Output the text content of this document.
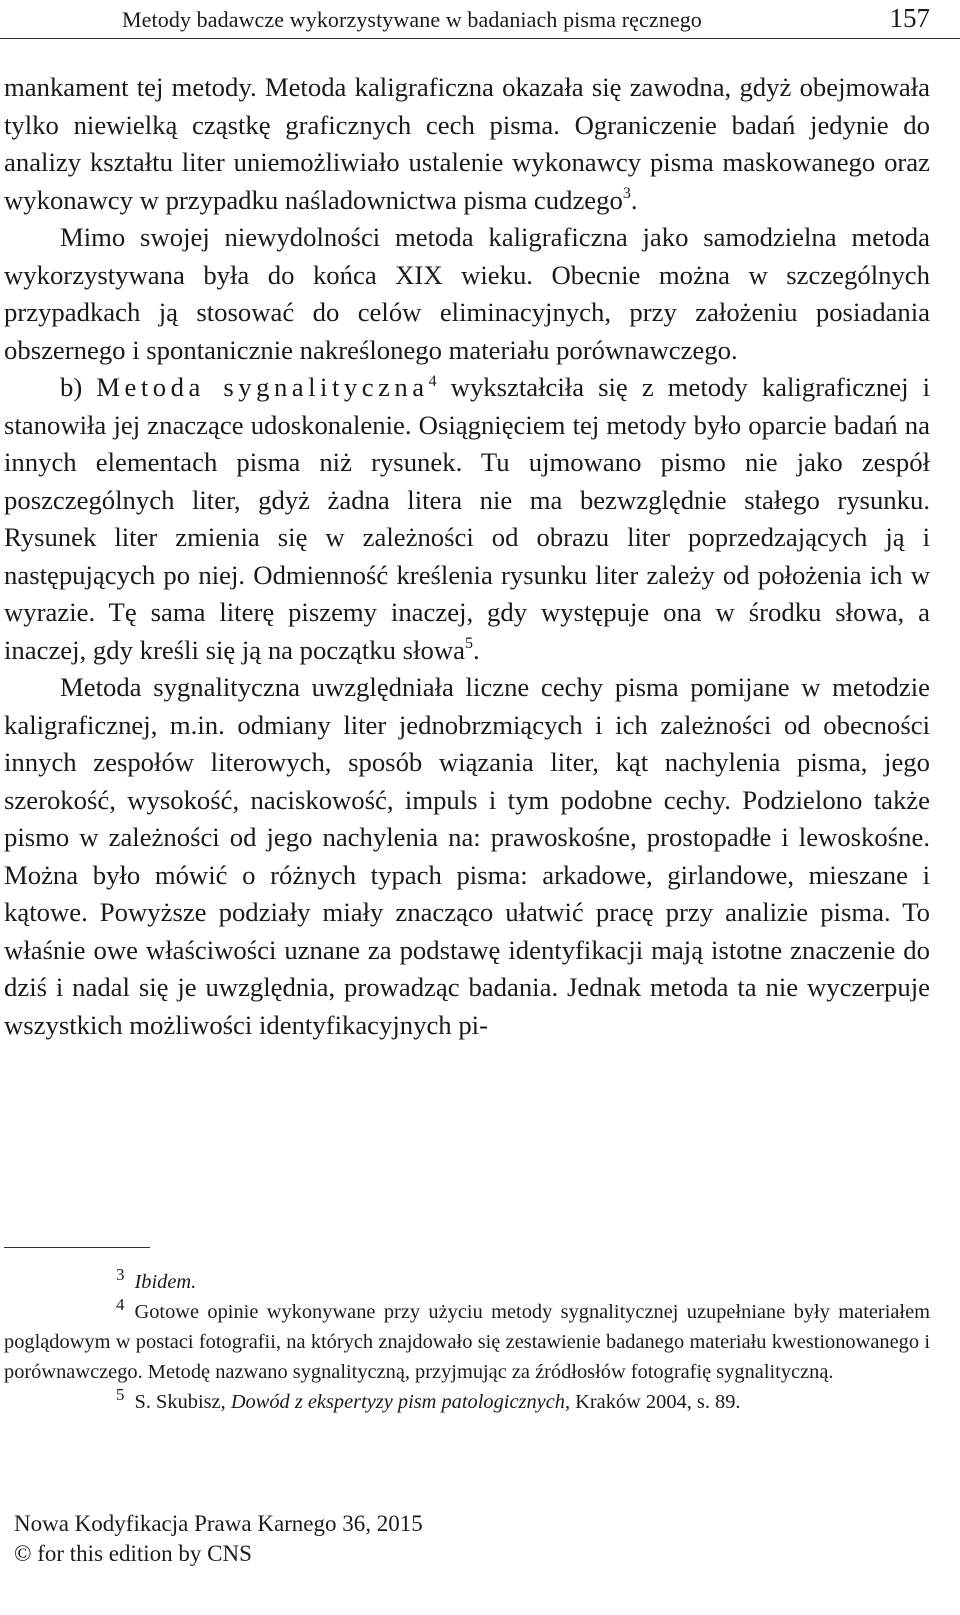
Metody badawcze wykorzystywane w badaniach pisma ręcznego	157

mankament tej metody. Metoda kaligraficzna okazała się zawodna, gdyż obejmowała tylko niewielką cząstkę graficznych cech pisma. Ograniczenie badań jedynie do analizy kształtu liter uniemożliwiało ustalenie wykonawcy pisma maskowanego oraz wykonawcy w przypadku naśladownictwa pisma cudzego$^3$.

Mimo swojej niewydolności metoda kaligraficzna jako samodzielna metoda wykorzystywana była do końca XIX wieku. Obecnie można w szczególnych przypadkach ją stosować do celów eliminacyjnych, przy założeniu posiadania obszernego i spontanicznie nakreślonego materiału porównawczego.

b) Metoda sygnalityczna$^4$ wykształciła się z metody kaligraficznej i stanowiła jej znaczące udoskonalenie. Osiągnięciem tej metody było oparcie badań na innych elementach pisma niż rysunek. Tu ujmowano pismo nie jako zespół poszczególnych liter, gdyż żadna litera nie ma bezwzględnie stałego rysunku. Rysunek liter zmienia się w zależności od obrazu liter poprzedzających ją i następujących po niej. Odmienność kreślenia rysunku liter zależy od położenia ich w wyrazie. Tę sama literę piszemy inaczej, gdy występuje ona w środku słowa, a inaczej, gdy kreśli się ją na początku słowa$^5$.

Metoda sygnalityczna uwzględniała liczne cechy pisma pomijane w metodzie kaligraficznej, m.in. odmiany liter jednobrzmiących i ich zależności od obecności innych zespołów literowych, sposób wiązania liter, kąt nachylenia pisma, jego szerokość, wysokość, naciskowość, impuls i tym podobne cechy. Podzielono także pismo w zależności od jego nachylenia na: prawoskośne, prostopadłe i lewoskośne. Można było mówić o różnych typach pisma: arkadowe, girlandowe, mieszane i kątowe. Powyższe podziały miały znacząco ułatwić pracę przy analizie pisma. To właśnie owe właściwości uznane za podstawę identyfikacji mają istotne znaczenie do dziś i nadal się je uwzględnia, prowadząc badania. Jednak metoda ta nie wyczerpuje wszystkich możliwości identyfikacyjnych pi-

3 Ibidem.

4 Gotowe opinie wykonywane przy użyciu metody sygnalitycznej uzupełniane były materiałem poglądowym w postaci fotografii, na których znajdowało się zestawienie badanego materiału kwestionowanego i porównawczego. Metodę nazwano sygnalityczną, przyjmując za źródłosłów fotografię sygnalityczną.

5 S. Skubisz, Dowód z ekspertyzy pism patologicznych, Kraków 2004, s. 89.

Nowa Kodyfikacja Prawa Karnego 36, 2015
© for this edition by CNS
